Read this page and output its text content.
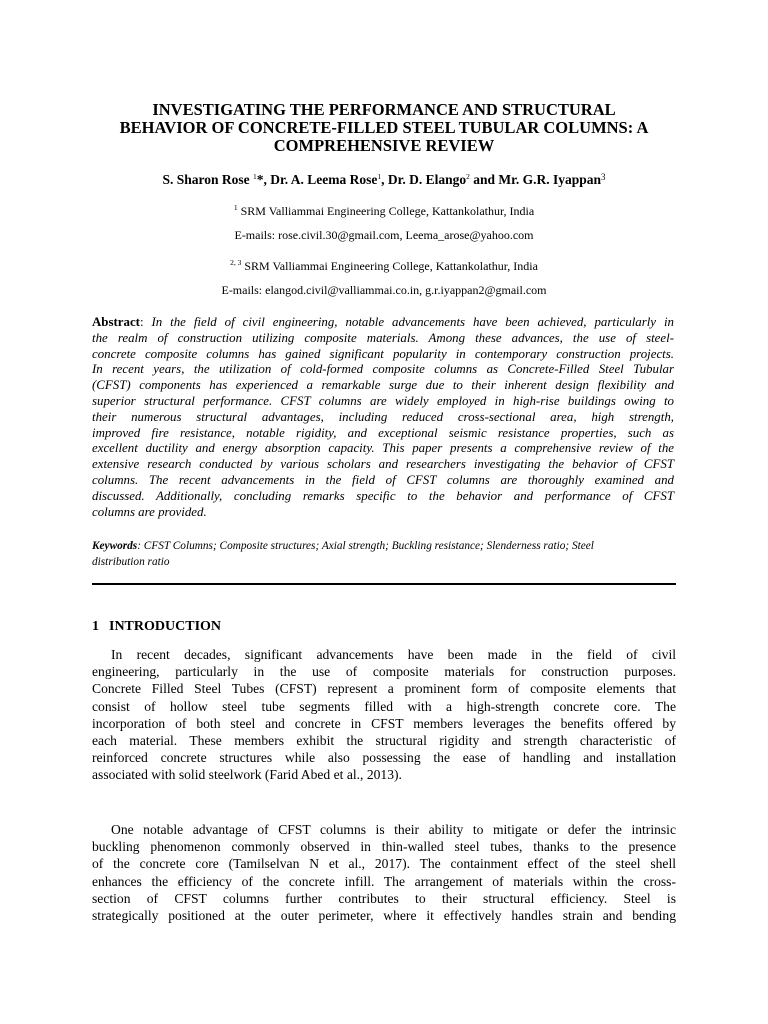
INVESTIGATING THE PERFORMANCE AND STRUCTURAL
BEHAVIOR OF CONCRETE-FILLED STEEL TUBULAR COLUMNS: A
COMPREHENSIVE REVIEW
S. Sharon Rose $^1$*, Dr. A. Leema Rose$^1$, Dr. D. Elango$^2$ and Mr. G.R. Iyappan$^3$
$^1$ SRM Valliammai Engineering College, Kattankolathur, India
E-mails: rose.civil.30@gmail.com, Leema_arose@yahoo.com
$^{2, 3}$ SRM Valliammai Engineering College, Kattankolathur, India
E-mails: elangod.civil@valliammai.co.in, g.r.iyappan2@gmail.com
Abstract: In the field of civil engineering, notable advancements have been achieved, particularly in
the realm of construction utilizing composite materials. Among these advances, the use of steel-
concrete composite columns has gained significant popularity in contemporary construction projects.
In recent years, the utilization of cold-formed composite columns as Concrete-Filled Steel Tubular
(CFST) components has experienced a remarkable surge due to their inherent design flexibility and
superior structural performance. CFST columns are widely employed in high-rise buildings owing to
their numerous structural advantages, including reduced cross-sectional area, high strength,
improved fire resistance, notable rigidity, and exceptional seismic resistance properties, such as
excellent ductility and energy absorption capacity. This paper presents a comprehensive review of the
extensive research conducted by various scholars and researchers investigating the behavior of CFST
columns. The recent advancements in the field of CFST columns are thoroughly examined and
discussed. Additionally, concluding remarks specific to the behavior and performance of CFST
columns are provided.
Keywords: CFST Columns; Composite structures; Axial strength; Buckling resistance; Slenderness ratio; Steel
distribution ratio
1 INTRODUCTION
In recent decades, significant advancements have been made in the field of civil
engineering, particularly in the use of composite materials for construction purposes.
Concrete Filled Steel Tubes (CFST) represent a prominent form of composite elements that
consist of hollow steel tube segments filled with a high-strength concrete core. The
incorporation of both steel and concrete in CFST members leverages the benefits offered by
each material. These members exhibit the structural rigidity and strength characteristic of
reinforced concrete structures while also possessing the ease of handling and installation
associated with solid steelwork (Farid Abed et al., 2013).
One notable advantage of CFST columns is their ability to mitigate or defer the intrinsic
buckling phenomenon commonly observed in thin-walled steel tubes, thanks to the presence
of the concrete core (Tamilselvan N et al., 2017). The containment effect of the steel shell
enhances the efficiency of the concrete infill. The arrangement of materials within the cross-
section of CFST columns further contributes to their structural efficiency. Steel is
strategically positioned at the outer perimeter, where it effectively handles strain and bending
